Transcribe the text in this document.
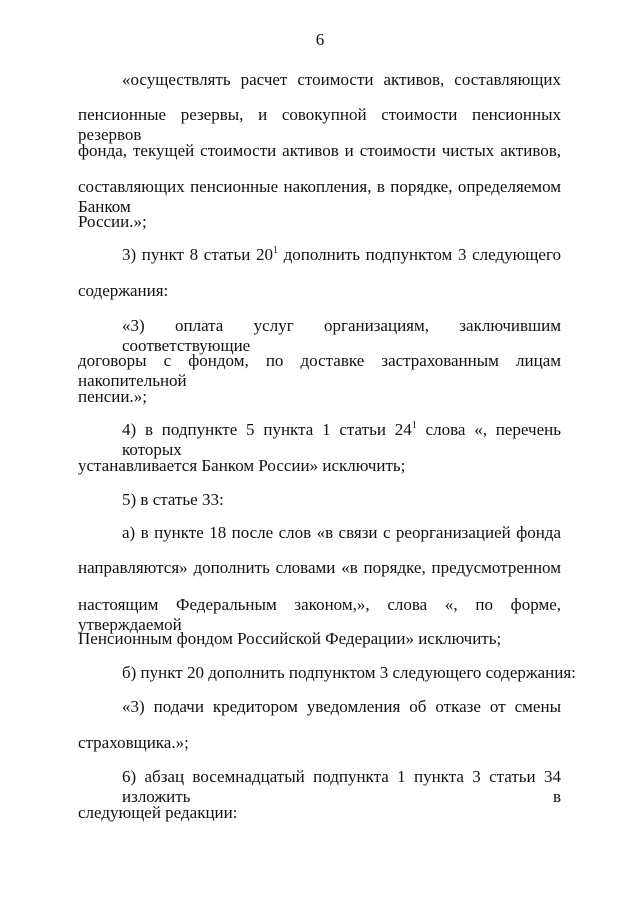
6
«осуществлять расчет стоимости активов, составляющих
пенсионные резервы, и совокупной стоимости пенсионных резервов
фонда, текущей стоимости активов и стоимости чистых активов,
составляющих пенсионные накопления, в порядке, определяемом Банком
России.»;
3) пункт 8 статьи $20^1$ дополнить подпунктом 3 следующего
содержания:
«3) оплата услуг организациям, заключившим соответствующие
договоры с фондом, по доставке застрахованным лицам накопительной
пенсии.»;
4) в подпункте 5 пункта 1 статьи $24^1$ слова «, перечень которых
устанавливается Банком России» исключить;
5) в статье 33:
а) в пункте 18 после слов «в связи с реорганизацией фонда
направляются» дополнить словами «в порядке, предусмотренном
настоящим Федеральным законом,», слова «, по форме, утверждаемой
Пенсионным фондом Российской Федерации» исключить;
б) пункт 20 дополнить подпунктом 3 следующего содержания:
«3) подачи кредитором уведомления об отказе от смены
страховщика.»;
6) абзац восемнадцатый подпункта 1 пункта 3 статьи 34 изложить в
следующей редакции:
